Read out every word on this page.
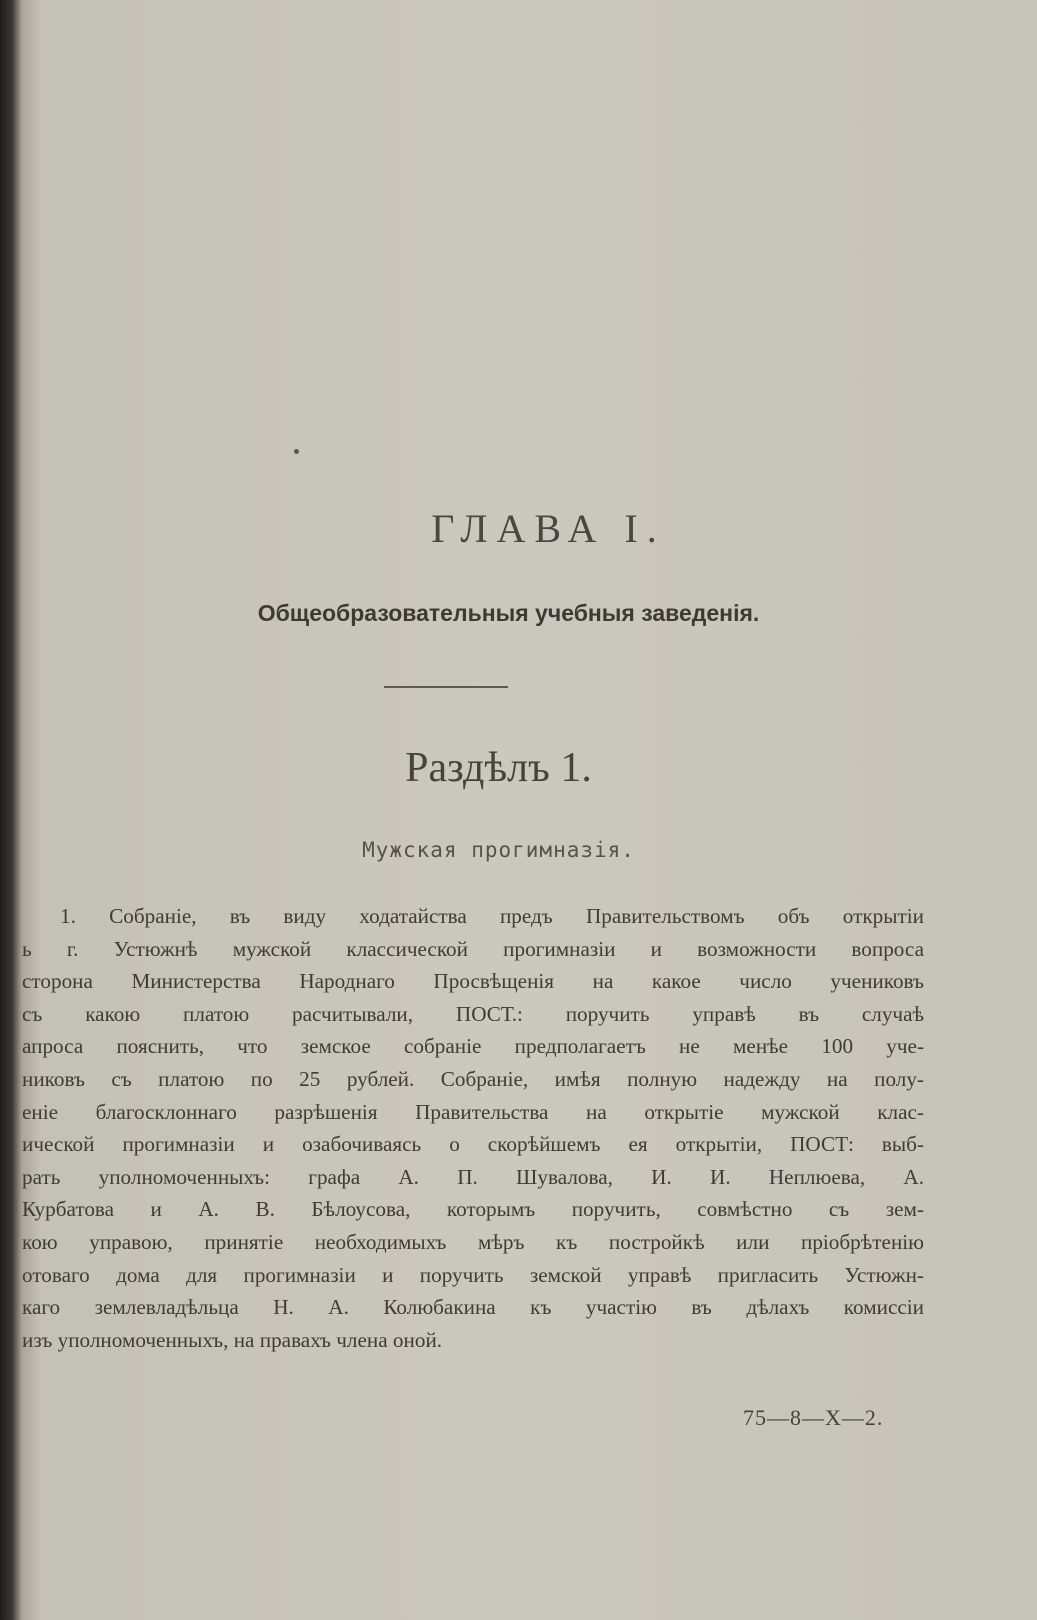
ГЛАВА I.
Общеобразовательныя учебныя заведенія.
Раздѣлъ 1.
Мужская прогимназія.
1. Собраніе, въ виду ходатайства предъ Правительствомъ объ открытіи
ь г. Устюжнѣ мужской классической прогимназіи и возможности вопроса
сторона Министерства Народнаго Просвѣщенія на какое число учениковъ
съ какою платою расчитывали, ПОСТ.: поручить управѣ въ случаѣ
апроса пояснить, что земское собраніе предполагаетъ не менѣе 100 уче-
никовъ съ платою по 25 рублей. Собраніе, имѣя полную надежду на полу-
еніе благосклоннаго разрѣшенія Правительства на открытіе мужской клас-
ической прогимназіи и озабочиваясь о скорѣйшемъ ея открытіи, ПОСТ: выб-
рать уполномоченныхъ: графа А. П. Шувалова, И. И. Неплюева, А.
Курбатова и А. В. Бѣлоусова, которымъ поручить, совмѣстно съ зем-
кою управою, принятіе необходимыхъ мѣръ къ постройкѣ или пріобрѣтенію
отоваго дома для прогимназіи и поручить земской управѣ пригласить Устюжн-
каго землевладѣльца Н. А. Колюбакина къ участію въ дѣлахъ комиссіи
изъ уполномоченныхъ, на правахъ члена оной.
75—8—X—2.
